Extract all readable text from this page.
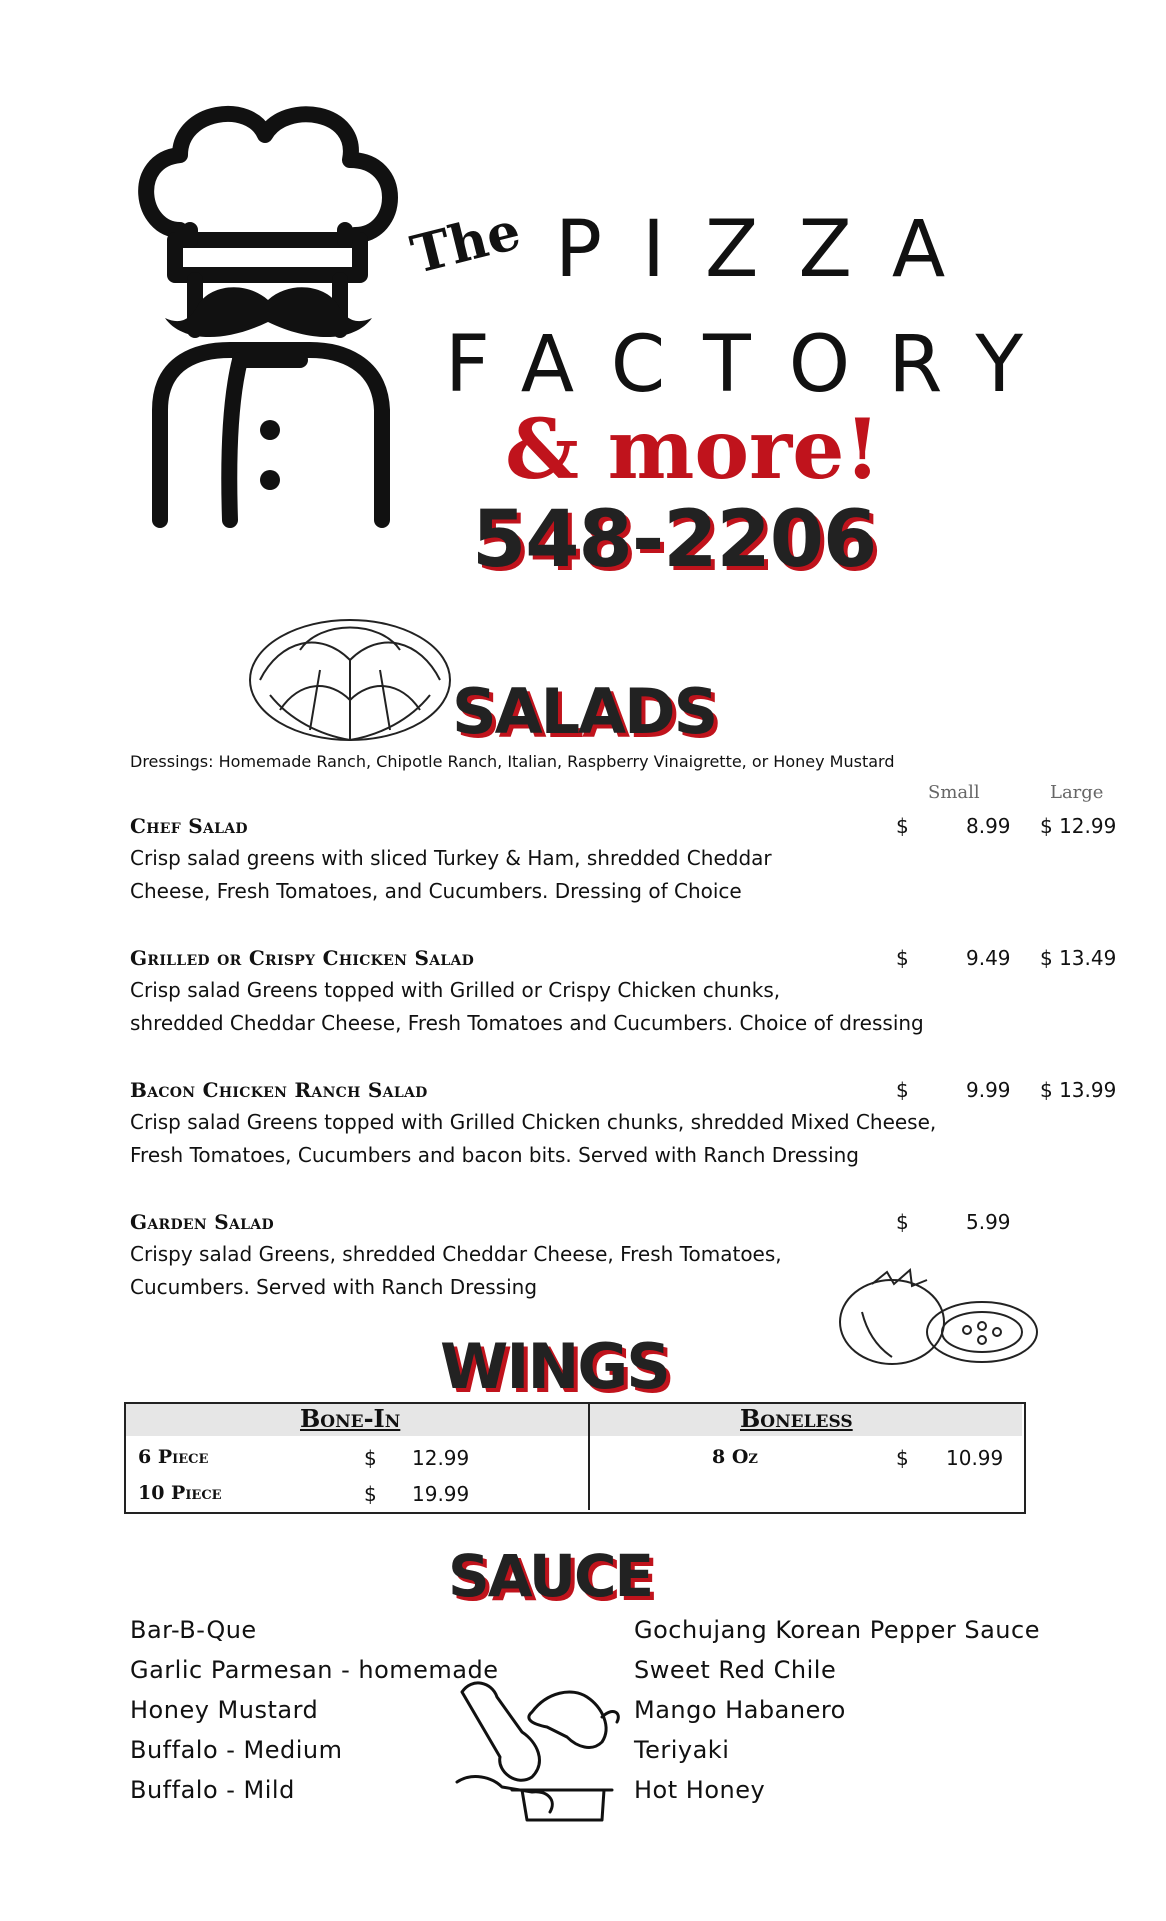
The PIZZA
FACTORY
& more!
548-2206
SALADS
Dressings: Homemade Ranch, Chipotle Ranch, Italian, Raspberry Vinaigrette, or Honey Mustard
Small	Large
Chef Salad	$	8.99 $ 12.99
Crisp salad greens with sliced Turkey & Ham, shredded Cheddar
Cheese, Fresh Tomatoes, and Cucumbers. Dressing of Choice
Grilled or Crispy Chicken Salad	$	9.49 $ 13.49
Crisp salad Greens topped with Grilled or Crispy Chicken chunks,
shredded Cheddar Cheese, Fresh Tomatoes and Cucumbers. Choice of dressing
Bacon Chicken Ranch Salad	$	9.99 $ 13.99
Crisp salad Greens topped with Grilled Chicken chunks, shredded Mixed Cheese,
Fresh Tomatoes, Cucumbers and bacon bits. Served with Ranch Dressing
Garden Salad	$	5.99
Crispy salad Greens, shredded Cheddar Cheese, Fresh Tomatoes,
Cucumbers. Served with Ranch Dressing
WINGS
Bone-In	Boneless
6 Piece	$ 12.99
10 Piece	$ 19.99
8 Oz	$ 10.99
SAUCE
Bar-B-Que
Garlic Parmesan - homemade
Honey Mustard
Buffalo - Medium
Buffalo - Mild
Gochujang Korean Pepper Sauce
Sweet Red Chile
Mango Habanero
Teriyaki
Hot Honey
